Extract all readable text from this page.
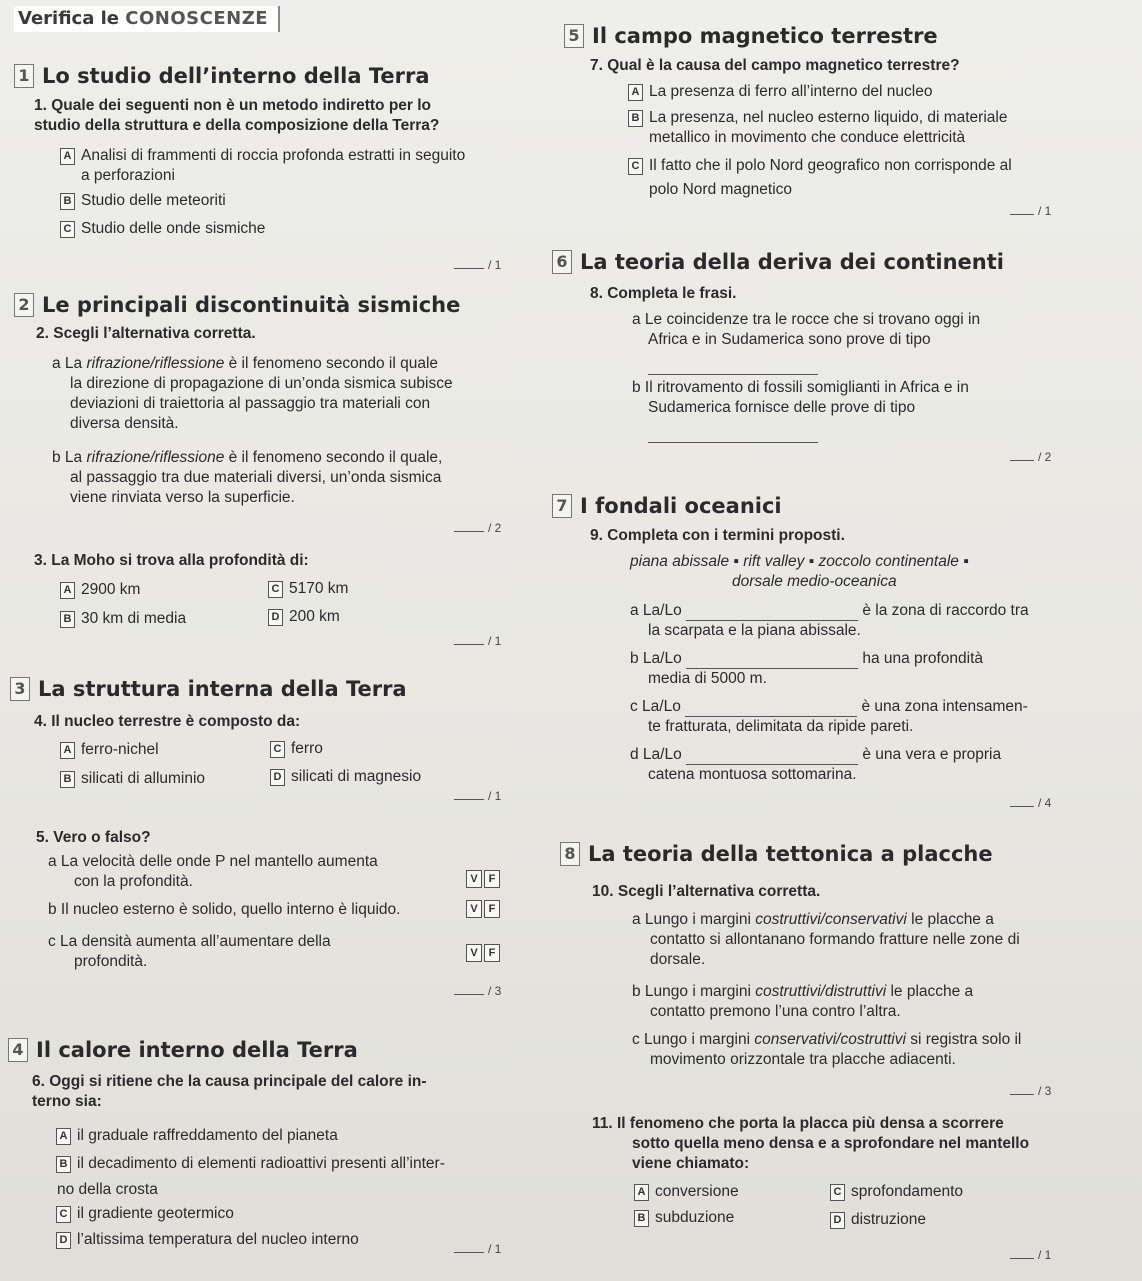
Verifica le CONOSCENZE
1 Lo studio dell’interno della Terra
1. Quale dei seguenti non è un metodo indiretto per lo
studio della struttura e della composizione della Terra?
A Analisi di frammenti di roccia profonda estratti in seguito
a perforazioni
B Studio delle meteoriti
C Studio delle onde sismiche
/ 1
2 Le principali discontinuità sismiche
2. Scegli l’alternativa corretta.
a La rifrazione/riflessione è il fenomeno secondo il quale
la direzione di propagazione di un’onda sismica subisce
deviazioni di traiettoria al passaggio tra materiali con
diversa densità.
b La rifrazione/riflessione è il fenomeno secondo il quale,
al passaggio tra due materiali diversi, un’onda sismica
viene rinviata verso la superficie.
/ 2
3. La Moho si trova alla profondità di:
A 2900 km	C 5170 km
B 30 km di media	D 200 km
/ 1
3 La struttura interna della Terra
4. Il nucleo terrestre è composto da:
A ferro-nichel	C ferro
B silicati di alluminio	D silicati di magnesio
/ 1
5. Vero o falso?
a La velocità delle onde P nel mantello aumenta
con la profondità.	V F
b Il nucleo esterno è solido, quello interno è liquido.	V F
c La densità aumenta all’aumentare della
profondità.	V F
/ 3
4 Il calore interno della Terra
6. Oggi si ritiene che la causa principale del calore in-
terno sia:
A il graduale raffreddamento del pianeta
B il decadimento di elementi radioattivi presenti all’inter-
no della crosta
C il gradiente geotermico
D l’altissima temperatura del nucleo interno
/ 1
5 Il campo magnetico terrestre
7. Qual è la causa del campo magnetico terrestre?
A La presenza di ferro all’interno del nucleo
B La presenza, nel nucleo esterno liquido, di materiale
metallico in movimento che conduce elettricità
C Il fatto che il polo Nord geografico non corrisponde al
polo Nord magnetico
/ 1
6 La teoria della deriva dei continenti
8. Completa le frasi.
a Le coincidenze tra le rocce che si trovano oggi in
Africa e in Sudamerica sono prove di tipo

b Il ritrovamento di fossili somiglianti in Africa e in
Sudamerica fornisce delle prove di tipo

/ 2
7 I fondali oceanici
9. Completa con i termini proposti.
piana abissale ▪ rift valley ▪ zoccolo continentale ▪
dorsale medio-oceanica
a La/Lo	è la zona di raccordo tra
la scarpata e la piana abissale.
b La/Lo	ha una profondità
media di 5000 m.
c La/Lo	è una zona intensamen-
te fratturata, delimitata da ripide pareti.
d La/Lo	è una vera e propria
catena montuosa sottomarina.
/ 4
8 La teoria della tettonica a placche
10. Scegli l’alternativa corretta.
a Lungo i margini costruttivi/conservativi le placche a
contatto si allontanano formando fratture nelle zone di
dorsale.
b Lungo i margini costruttivi/distruttivi le placche a
contatto premono l’una contro l’altra.
c Lungo i margini conservativi/costruttivi si registra solo il
movimento orizzontale tra placche adiacenti.
/ 3
11. Il fenomeno che porta la placca più densa a scorrere
sotto quella meno densa e a sprofondare nel mantello
viene chiamato:
A conversione	C sprofondamento
B subduzione	D distruzione
/ 1
